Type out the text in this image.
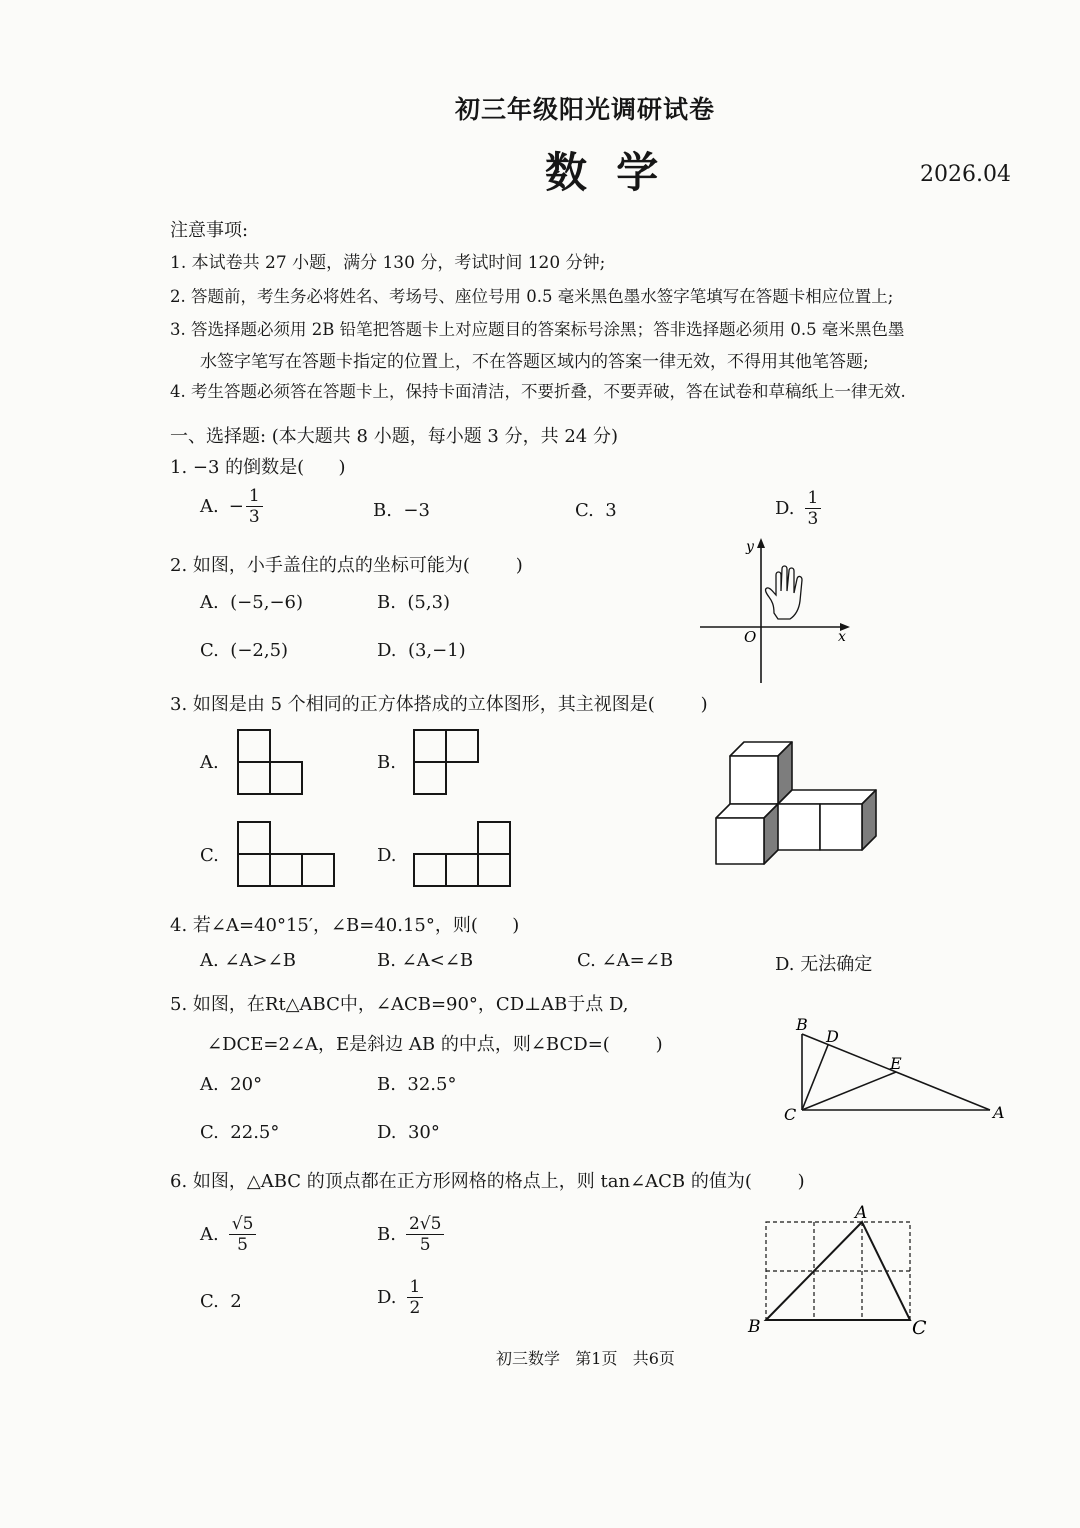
初三年级阳光调研试卷
数  学	2026.04
注意事项:
1. 本试卷共 27 小题，满分 130 分，考试时间 120 分钟;
2. 答题前，考生务必将姓名、考场号、座位号用 0.5 毫米黑色墨水签字笔填写在答题卡相应位置上;
3. 答选择题必须用 2B 铅笔把答题卡上对应题目的答案标号涂黑；答非选择题必须用 0.5 毫米黑色墨
水签字笔写在答题卡指定的位置上，不在答题区域内的答案一律无效，不得用其他笔答题;
4. 考生答题必须答在答题卡上，保持卡面清洁，不要折叠，不要弄破，答在试卷和草稿纸上一律无效.
一、选择题: (本大题共 8 小题，每小题 3 分，共 24 分)
1. −3 的倒数是(      )
A. − $\frac{1}{3}$	B.  −3	C.  3	D. $\frac{1}{3}$
2. 如图，小手盖住的点的坐标可能为(        )
A.  (−5,−6)	B.  (5,3)
C.  (−2,5)	D.  (3,−1)
y
x
O
3. 如图是由 5 个相同的正方体搭成的立体图形，其主视图是(        )
A.	B.
C.	D.
4. 若∠A=40°15′，∠B=40.15°，则(      )
A. ∠A>∠B	B. ∠A<∠B	C. ∠A=∠B	D. 无法确定
5. 如图，在Rt△ABC中，∠ACB=90°，CD⊥AB于点 D,
∠DCE=2∠A，E是斜边 AB 的中点，则∠BCD=(        )
A.  20°	B.  32.5°
C.  22.5°	D.  30°
B
D
E
C	A
6. 如图，△ABC 的顶点都在正方形网格的格点上，则 tan∠ACB 的值为(        )
A. $\frac{√5}{5}$	B. $\frac{2√5}{5}$
C.  2	D. $\frac{1}{2}$
A
B	C
初三数学   第1页   共6页
